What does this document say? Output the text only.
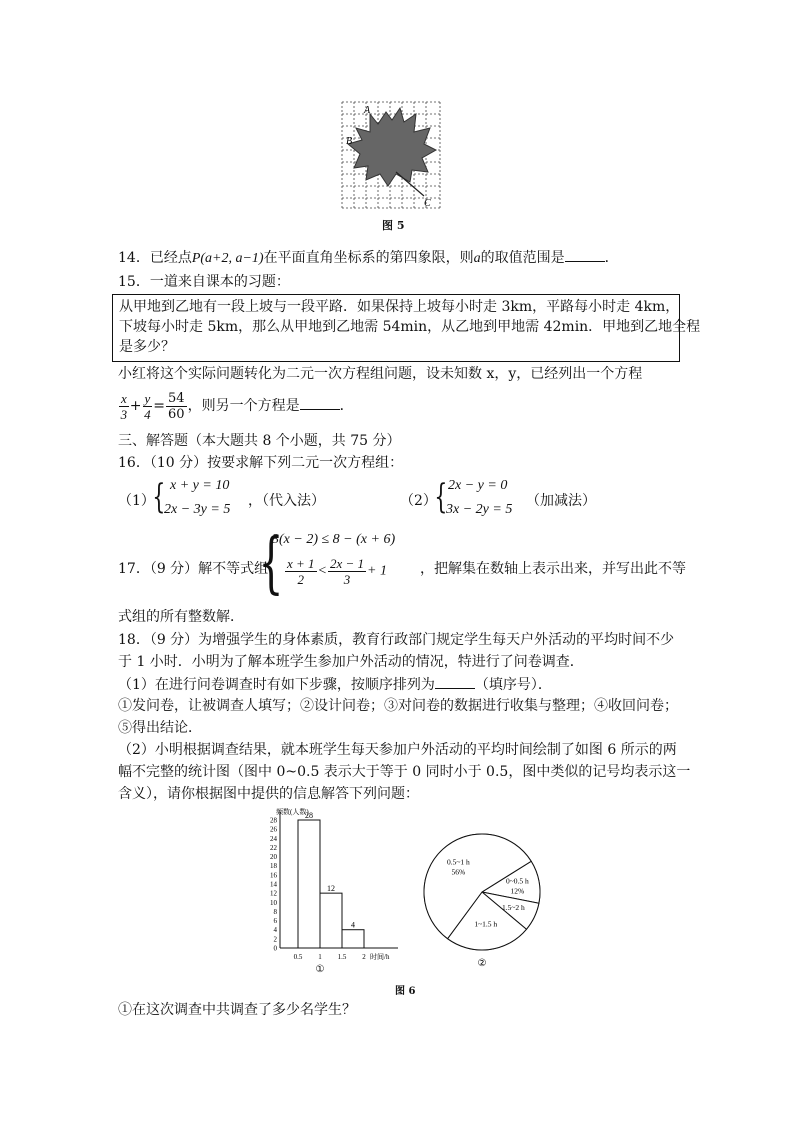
A
B
C
图 5
14．已经点P(a+2, a−1)在平面直角坐标系的第四象限，则a的取值范围是	．
15．一道来自课本的习题：
从甲地到乙地有一段上坡与一段平路．如果保持上坡每小时走 3km，平路每小时走 4km，
下坡每小时走 5km，那么从甲地到乙地需 54min，从乙地到甲地需 42min．甲地到乙地全程
是多少？
小红将这个实际问题转化为二元一次方程组问题，设未知数 x，y，已经列出一个方程
$\frac{x}{3} + \frac{y}{4} = \frac{54}{60}$ ，则另一个方程是	．
三、解答题（本大题共 8 个小题，共 75 分）
16．（10 分）按要求解下列二元一次方程组：
（1）
{ x + y = 10
2x − 3y = 5
，（代入法）	（2）
{ 2x − y = 0
3x − 2y = 5
（加减法）
17．（9 分）解不等式组
{
3(x − 2) ≤ 8 − (x + 6)
$\frac{x + 1}{2} < \frac{2x - 1}{3} + 1$ ，把解集在数轴上表示出来，并写出此不等
式组的所有整数解．
18．（9 分）为增强学生的身体素质，教育行政部门规定学生每天户外活动的平均时间不少
于 1 小时．小明为了解本班学生参加户外活动的情况，特进行了问卷调查．
（1）在进行问卷调查时有如下步骤，按顺序排列为	（填序号）．
①发问卷，让被调查人填写；②设计问卷；③对问卷的数据进行收集与整理；④收回问卷；
⑤得出结论．
（2）小明根据调查结果，就本班学生每天参加户外活动的平均时间绘制了如图 6 所示的两
幅不完整的统计图（图中 0~0.5 表示大于等于 0 同时小于 0.5，图中类似的记号均表示这一
含义），请你根据图中提供的信息解答下列问题：
频数(人数)
0
2
4
6
8
10
12
14
16
18
20
22
24
26
28
0.5 1 1.5 2 时间/h
28
12
4
①
0.5~1 h
56%
0~0.5 h
12%
1.5~2 h
1~1.5 h
②
图 6
①在这次调查中共调查了多少名学生？
